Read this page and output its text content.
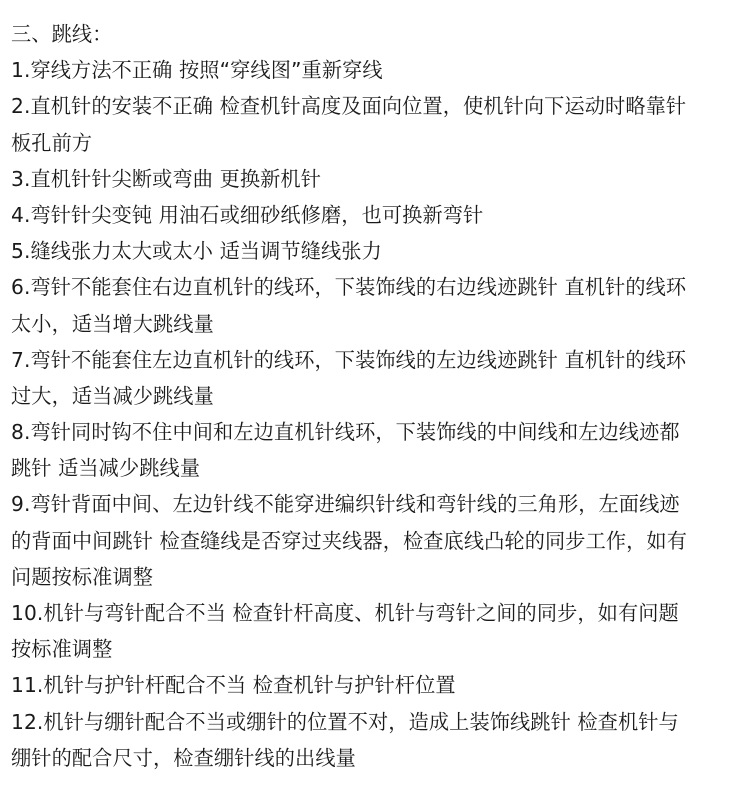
三、跳线：
1.穿线方法不正确 按照“穿线图”重新穿线
2.直机针的安装不正确 检查机针高度及面向位置，使机针向下运动时略靠针
板孔前方
3.直机针针尖断或弯曲 更换新机针
4.弯针针尖变钝 用油石或细砂纸修磨，也可换新弯针
5.缝线张力太大或太小 适当调节缝线张力
6.弯针不能套住右边直机针的线环，下装饰线的右边线迹跳针 直机针的线环
太小，适当增大跳线量
7.弯针不能套住左边直机针的线环，下装饰线的左边线迹跳针 直机针的线环
过大，适当减少跳线量
8.弯针同时钩不住中间和左边直机针线环，下装饰线的中间线和左边线迹都
跳针 适当减少跳线量
9.弯针背面中间、左边针线不能穿进编织针线和弯针线的三角形，左面线迹
的背面中间跳针 检查缝线是否穿过夹线器，检查底线凸轮的同步工作，如有
问题按标准调整
10.机针与弯针配合不当 检查针杆高度、机针与弯针之间的同步，如有问题
按标准调整
11.机针与护针杆配合不当 检查机针与护针杆位置
12.机针与绷针配合不当或绷针的位置不对，造成上装饰线跳针 检查机针与
绷针的配合尺寸，检查绷针线的出线量
